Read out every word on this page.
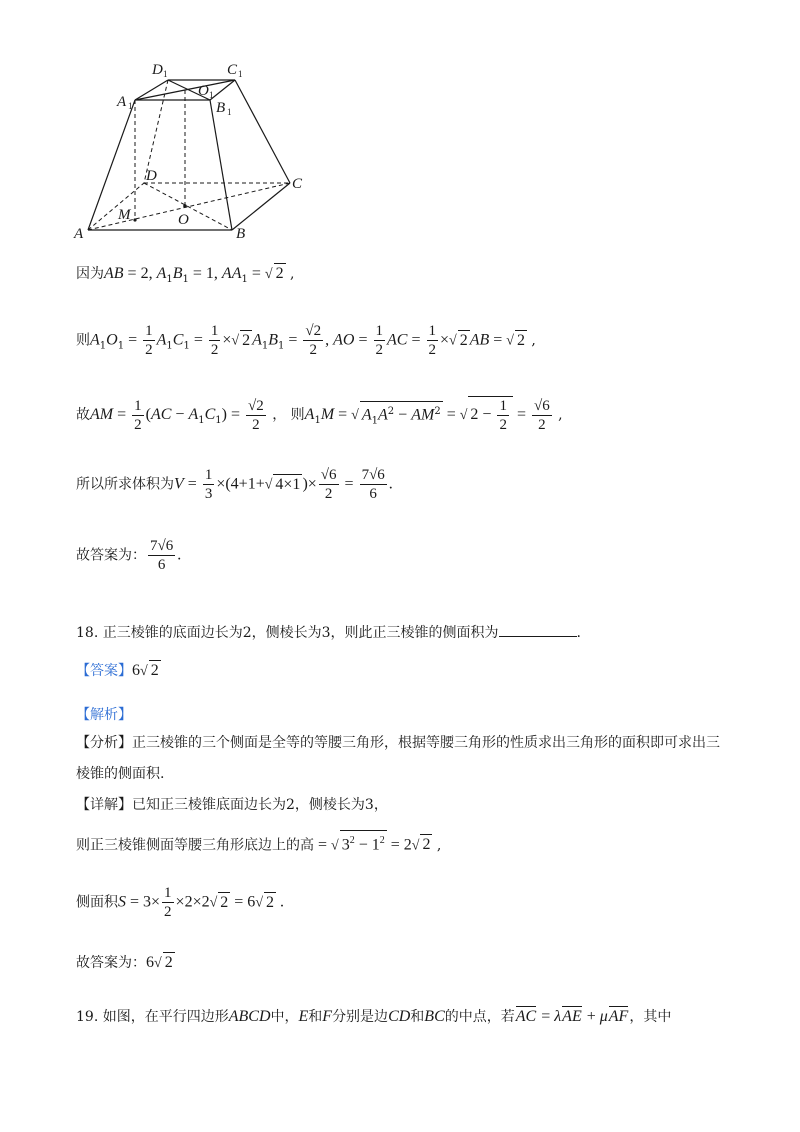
D 1	C 1
A 1	B 1
O 1
D	C
A	B
M	O
因为AB = 2, $A_1B_1 = 1$, $AA_1$ = √ 2 ,
则$A_1O_1 = \frac{1}{2} A_1C_1 = \frac{1}{2}$ ×√ 2 $A_1B_1 = \frac{√2}{2}$ , AO = $\frac{1}{2}$ AC = $\frac{1}{2}$ ×√ 2 AB = √ 2 ,
故AM = $\frac{1}{2} (AC - A_1C_1) = \frac{√2}{2}$ ， 则$A_1M$ = √ $A_1A^2 - AM^2$ = √ $2 - \frac{1}{2} = \frac{√6}{2}$ ,
所以所求体积为$V = \frac{1}{3} \times(4+1+√$ 4×1 )× $\frac{√6}{2} = \frac{7√6}{6}$ .
故答案为： $\frac{7√6}{6}$ .
18. 正三棱锥的底面边长为2，侧棱长为3，则此正三棱锥的侧面积为	.
【答案】6√ 2
【解析】
【分析】正三棱锥的三个侧面是全等的等腰三角形，根据等腰三角形的性质求出三角形的面积即可求出三
棱锥的侧面积.
【详解】已知正三棱锥底面边长为2，侧棱长为3，
则正三棱锥侧面等腰三角形底边上的高 = √ $3^2 - 1^2 = 2√$ 2 ,
侧面积$S = 3\times \frac{1}{2} \times 2\times 2√$ 2 = 6√ 2 .
故答案为：6√ 2
19. 如图，在平行四边形ABCD中，E和F分别是边CD和BC的中点，若AC = λAE + μAF，其中
